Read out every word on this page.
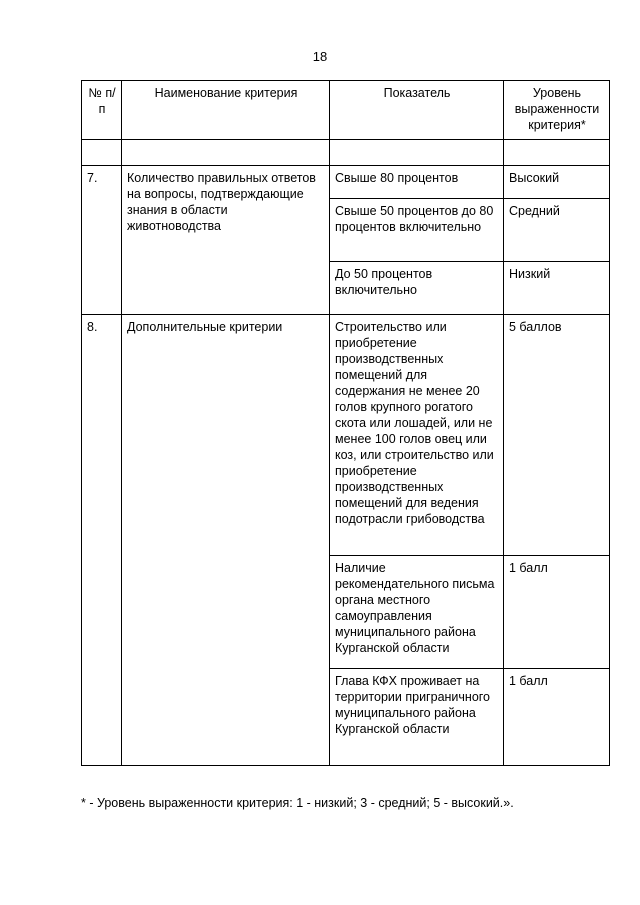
18
№ п/п	Наименование критерия	Показатель	Уровень выраженности критерия*

7.	Количество правильных ответов на вопросы, подтверждающие знания в области животноводства	Свыше 80 процентов	Высокий
		Свыше 50 процентов до 80 процентов включительно	Средний
		До 50 процентов включительно	Низкий
8.	Дополнительные критерии	Строительство или приобретение производственных помещений для содержания не менее 20 голов крупного рогатого скота или лошадей, или не менее 100 голов овец или коз, или строительство или приобретение производственных помещений для ведения подотрасли грибоводства	5 баллов
		Наличие рекомендательного письма органа местного самоуправления муниципального района Курганской области	1 балл
		Глава КФХ проживает на территории приграничного муниципального района Курганской области	1 балл
* - Уровень выраженности критерия: 1 - низкий; 3 - средний; 5 - высокий.».
